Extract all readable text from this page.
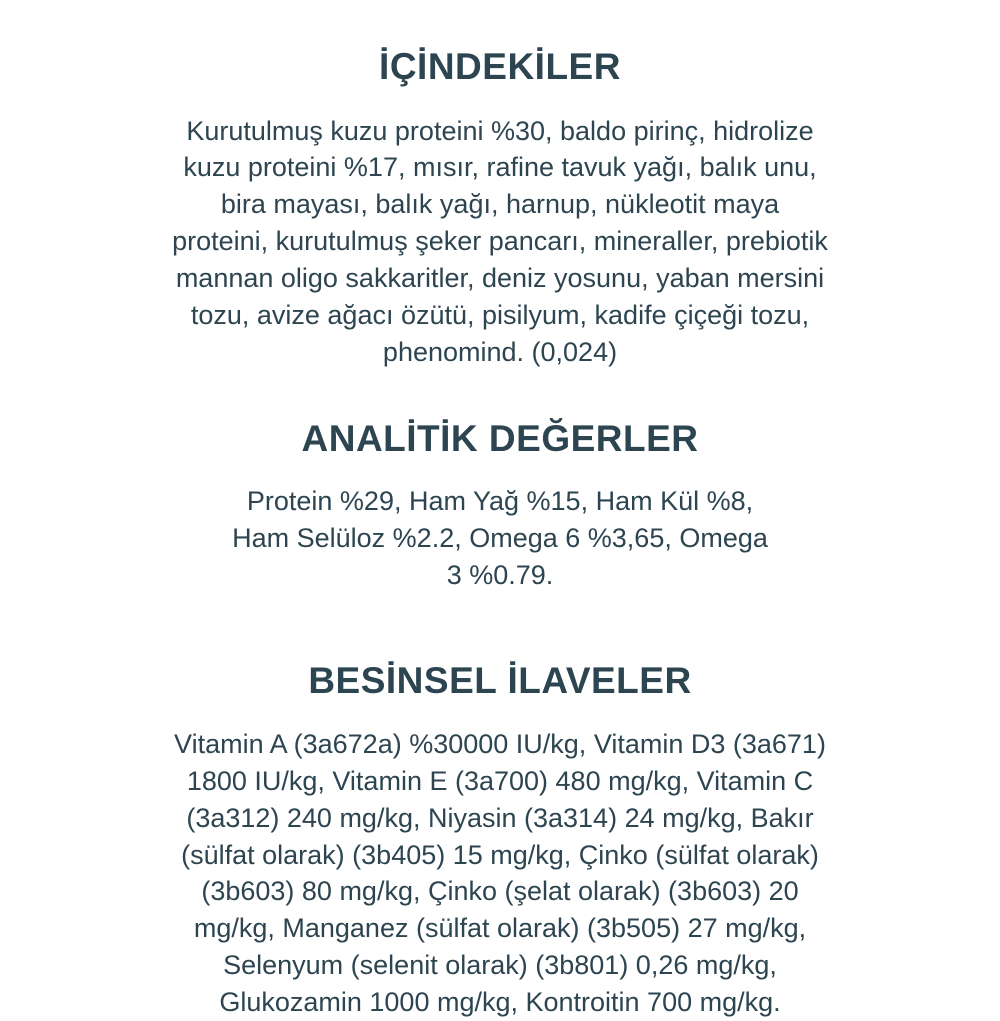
İÇİNDEKİLER

Kurutulmuş kuzu proteini %30, baldo pirinç, hidrolize kuzu proteini %17, mısır, rafine tavuk yağı, balık unu, bira mayası, balık yağı, harnup, nükleotit maya proteini, kurutulmuş şeker pancarı, mineraller, prebiotik mannan oligo sakkaritler, deniz yosunu, yaban mersini tozu, avize ağacı özütü, pisilyum, kadife çiçeği tozu, phenomind. (0,024)

ANALİTİK DEĞERLER

Protein %29, Ham Yağ %15, Ham Kül %8, Ham Selüloz %2.2, Omega 6 %3,65, Omega 3 %0.79.

BESİNSEL İLAVELER

Vitamin A (3a672a) %30000 IU/kg, Vitamin D3 (3a671) 1800 IU/kg, Vitamin E (3a700) 480 mg/kg, Vitamin C (3a312) 240 mg/kg, Niyasin (3a314) 24 mg/kg, Bakır (sülfat olarak) (3b405) 15 mg/kg, Çinko (sülfat olarak) (3b603) 80 mg/kg, Çinko (şelat olarak) (3b603) 20 mg/kg, Manganez (sülfat olarak) (3b505) 27 mg/kg, Selenyum (selenit olarak) (3b801) 0,26 mg/kg, Glukozamin 1000 mg/kg, Kontroitin 700 mg/kg.
